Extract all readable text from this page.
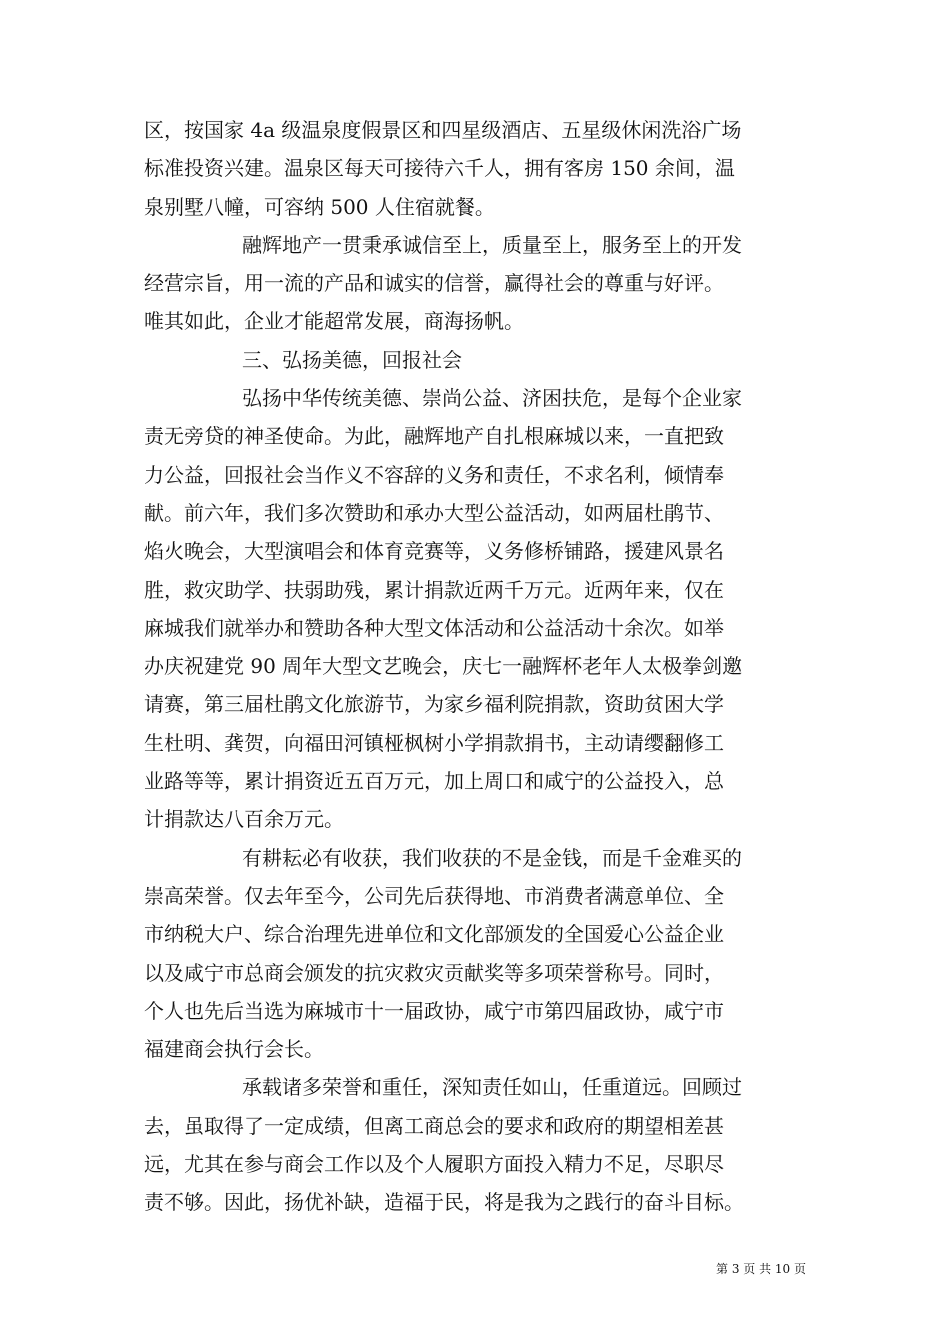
区，按国家 4a 级温泉度假景区和四星级酒店、五星级休闲洗浴广场
标准投资兴建。温泉区每天可接待六千人，拥有客房 150 余间，温
泉别墅八幢，可容纳 500 人住宿就餐。
融辉地产一贯秉承诚信至上，质量至上，服务至上的开发
经营宗旨，用一流的产品和诚实的信誉，赢得社会的尊重与好评。
唯其如此，企业才能超常发展，商海扬帆。
三、弘扬美德，回报社会
弘扬中华传统美德、崇尚公益、济困扶危，是每个企业家
责无旁贷的神圣使命。为此，融辉地产自扎根麻城以来，一直把致
力公益，回报社会当作义不容辞的义务和责任，不求名利，倾情奉
献。前六年，我们多次赞助和承办大型公益活动，如两届杜鹃节、
焰火晚会，大型演唱会和体育竞赛等，义务修桥铺路，援建风景名
胜，救灾助学、扶弱助残，累计捐款近两千万元。近两年来，仅在
麻城我们就举办和赞助各种大型文体活动和公益活动十余次。如举
办庆祝建党 90 周年大型文艺晚会，庆七一融辉杯老年人太极拳剑邀
请赛，第三届杜鹃文化旅游节，为家乡福利院捐款，资助贫困大学
生杜明、龚贺，向福田河镇桠枫树小学捐款捐书，主动请缨翻修工
业路等等，累计捐资近五百万元，加上周口和咸宁的公益投入，总
计捐款达八百余万元。
有耕耘必有收获，我们收获的不是金钱，而是千金难买的
崇高荣誉。仅去年至今，公司先后获得地、市消费者满意单位、全
市纳税大户、综合治理先进单位和文化部颁发的全国爱心公益企业
以及咸宁市总商会颁发的抗灾救灾贡献奖等多项荣誉称号。同时，
个人也先后当选为麻城市十一届政协，咸宁市第四届政协，咸宁市
福建商会执行会长。
承载诸多荣誉和重任，深知责任如山，任重道远。回顾过
去，虽取得了一定成绩，但离工商总会的要求和政府的期望相差甚
远，尤其在参与商会工作以及个人履职方面投入精力不足，尽职尽
责不够。因此，扬优补缺，造福于民，将是我为之践行的奋斗目标。
第 3 页 共 10 页
